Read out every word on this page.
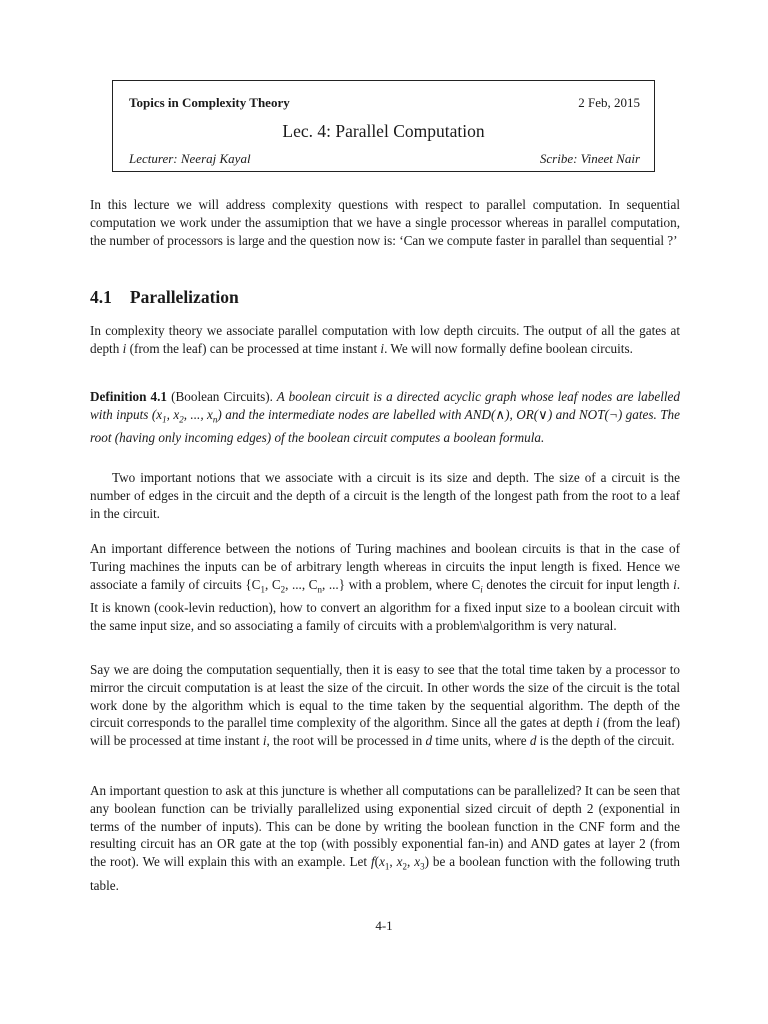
Topics in Complexity Theory	2 Feb, 2015
Lec. 4: Parallel Computation
Lecturer: Neeraj Kayal	Scribe: Vineet Nair
In this lecture we will address complexity questions with respect to parallel computation. In sequential computation we work under the assumiption that we have a single processor whereas in parallel computation, the number of processors is large and the question now is: ‘Can we compute faster in parallel than sequential ?’
4.1 Parallelization
In complexity theory we associate parallel computation with low depth circuits. The output of all the gates at depth i (from the leaf) can be processed at time instant i. We will now formally define boolean circuits.
Definition 4.1 (Boolean Circuits). A boolean circuit is a directed acyclic graph whose leaf nodes are labelled with inputs ($x_1$, $x_2$, ..., $x_n$) and the intermediate nodes are labelled with AND(∧), OR(∨) and NOT(¬) gates. The root (having only incoming edges) of the boolean circuit computes a boolean formula.
Two important notions that we associate with a circuit is its size and depth. The size of a circuit is the number of edges in the circuit and the depth of a circuit is the length of the longest path from the root to a leaf in the circuit.
An important difference between the notions of Turing machines and boolean circuits is that in the case of Turing machines the inputs can be of arbitrary length whereas in circuits the input length is fixed. Hence we associate a family of circuits {$C_1$, $C_2$, ..., $C_n$, ...} with a problem, where $C_i$ denotes the circuit for input length i. It is known (cook-levin reduction), how to convert an algorithm for a fixed input size to a boolean circuit with the same input size, and so associating a family of circuits with a problem\algorithm is very natural.
Say we are doing the computation sequentially, then it is easy to see that the total time taken by a processor to mirror the circuit computation is at least the size of the circuit. In other words the size of the circuit is the total work done by the algorithm which is equal to the time taken by the sequential algorithm. The depth of the circuit corresponds to the parallel time complexity of the algorithm. Since all the gates at depth i (from the leaf) will be processed at time instant i, the root will be processed in d time units, where d is the depth of the circuit.
An important question to ask at this juncture is whether all computations can be parallelized? It can be seen that any boolean function can be trivially parallelized using exponential sized circuit of depth 2 (exponential in terms of the number of inputs). This can be done by writing the boolean function in the CNF form and the resulting circuit has an OR gate at the top (with possibly exponential fan-in) and AND gates at layer 2 (from the root). We will explain this with an example. Let $f(x_1$, $x_2$, $x_3$) be a boolean function with the following truth table.
4-1
